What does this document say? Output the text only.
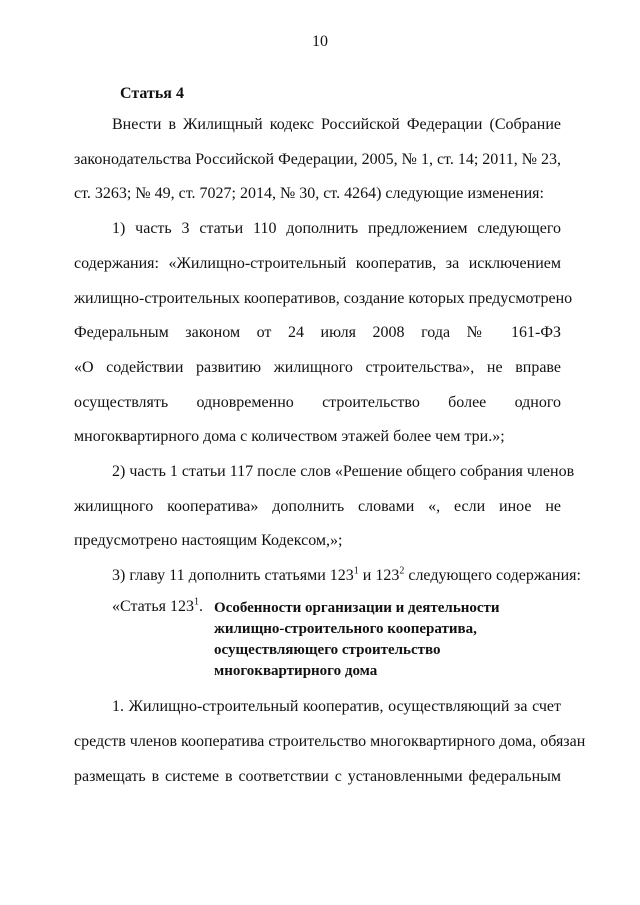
10
Статья 4
Внести в Жилищный кодекс Российской Федерации (Собрание
законодательства Российской Федерации, 2005, № 1, ст. 14; 2011, № 23,
ст. 3263; № 49, ст. 7027; 2014, № 30, ст. 4264) следующие изменения:
1) часть 3 статьи 110 дополнить предложением следующего
содержания: «Жилищно-строительный кооператив, за исключением
жилищно-строительных кооперативов, создание которых предусмотрено
Федеральным законом от 24 июля 2008 года № 161-ФЗ
«О содействии развитию жилищного строительства», не вправе
осуществлять одновременно строительство более одного
многоквартирного дома с количеством этажей более чем три.»;
2) часть 1 статьи 117 после слов «Решение общего собрания членов
жилищного кооператива» дополнить словами «, если иное не
предусмотрено настоящим Кодексом,»;
3) главу 11 дополнить статьями $123^1$ и $123^2$ следующего содержания:
«Статья $123^1$. Особенности организации и деятельности
жилищно-строительного кооператива,
осуществляющего строительство
многоквартирного дома
1. Жилищно-строительный кооператив, осуществляющий за счет
средств членов кооператива строительство многоквартирного дома, обязан
размещать в системе в соответствии с установленными федеральным
